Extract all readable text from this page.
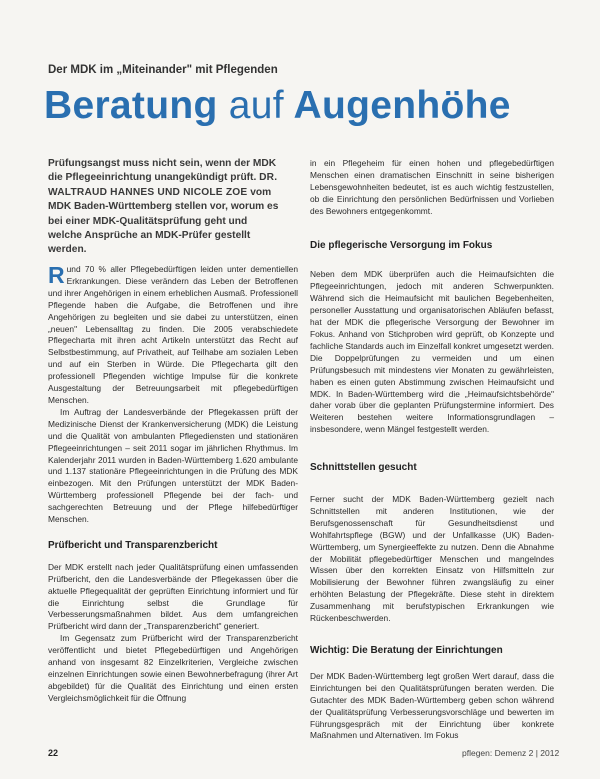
Der MDK im „Miteinander" mit Pflegenden
Beratung auf Augenhöhe
Prüfungsangst muss nicht sein, wenn der MDK die Pflegeeinrichtung unangekündigt prüft. DR. WALTRAUD HANNES UND NICOLE ZOE vom MDK Baden-Württemberg stellen vor, worum es bei einer MDK-Qualitätsprüfung geht und welche Ansprüche an MDK-Prüfer gestellt werden.

Rund 70 % aller Pflegebedürftigen leiden unter dementiellen Erkrankungen. Diese verändern das Leben der Betroffenen und ihrer Angehörigen in einem erheblichen Ausmaß. Professionell Pflegende haben die Aufgabe, die Betroffenen und ihre Angehörigen zu begleiten und sie dabei zu unterstützen, einen „neuen" Lebensalltag zu finden. Die 2005 verabschiedete Pflegecharta mit ihren acht Artikeln unterstützt das Recht auf Selbstbestimmung, auf Privatheit, auf Teilhabe am sozialen Leben und auf ein Sterben in Würde. Die Pflegecharta gilt den professionell Pflegenden wichtige Impulse für die konkrete Ausgestaltung der Betreuungsarbeit mit pflegebedürftigen Menschen.

Im Auftrag der Landesverbände der Pflegekassen prüft der Medizinische Dienst der Krankenversicherung (MDK) die Leistung und die Qualität von ambulanten Pflegediensten und stationären Pflegeeinrichtungen – seit 2011 sogar im jährlichen Rhythmus. Im Kalenderjahr 2011 wurden in Baden-Württemberg 1.620 ambulante und 1.137 stationäre Pflegeeinrichtungen in die Prüfung des MDK einbezogen. Mit den Prüfungen unterstützt der MDK Baden-Württemberg professionell Pflegende bei der fach- und sachgerechten Betreuung und der Pflege hilfebedürftiger Menschen.

Prüfbericht und Transparenzbericht

Der MDK erstellt nach jeder Qualitätsprüfung einen umfassenden Prüfbericht, den die Landesverbände der Pflegekassen über die aktuelle Pflegequalität der geprüften Einrichtung informiert und für die Einrichtung selbst die Grundlage für Verbesserungsmaßnahmen bildet. Aus dem umfangreichen Prüfbericht wird dann der „Transparenzbericht" generiert.

Im Gegensatz zum Prüfbericht wird der Transparenzbericht veröffentlicht und bietet Pflegebedürftigen und Angehörigen anhand von insgesamt 82 Einzelkriterien, Vergleiche zwischen einzelnen Einrichtungen sowie einen Bewohnerbefragung (ihrer Art abgebildet) für die Qualität des Einrichtung und einen ersten Vergleichsmöglichkeit für die Öffnung

in ein Pflegeheim für einen hohen und pflegebedürftigen Menschen einen dramatischen Einschnitt in seine bisherigen Lebensgewohnheiten bedeutet, ist es auch wichtig festzustellen, ob die Einrichtung den persönlichen Bedürfnissen und Vorlieben des Bewohners entgegenkommt.

Die pflegerische Versorgung im Fokus

Neben dem MDK überprüfen auch die Heimaufsichten die Pflegeeinrichtungen, jedoch mit anderen Schwerpunkten. Während sich die Heimaufsicht mit baulichen Begebenheiten, personeller Ausstattung und organisatorischen Abläufen befasst, hat der MDK die pflegerische Versorgung der Bewohner im Fokus. Anhand von Stichproben wird geprüft, ob Konzepte und fachliche Standards auch im Einzelfall konkret umgesetzt werden. Die Doppelprüfungen zu vermeiden und um einen Prüfungsbesuch mit mindestens vier Monaten zu gewährleisten, haben es einen guten Abstimmung zwischen Heimaufsicht und MDK. In Baden-Württemberg wird die „Heimaufsichtsbehörde" daher vorab über die geplanten Prüfungstermine informiert. Des Weiteren bestehen weitere Informationsgrundlagen – insbesondere, wenn Mängel festgestellt werden.

Schnittstellen gesucht

Ferner sucht der MDK Baden-Württemberg gezielt nach Schnittstellen mit anderen Institutionen, wie der Berufsgenossenschaft für Gesundheitsdienst und Wohlfahrtspflege (BGW) und der Unfallkasse (UK) Baden-Württemberg, um Synergieeffekte zu nutzen. Denn die Abnahme der Mobilität pflegebedürftiger Menschen und mangelndes Wissen über den korrekten Einsatz von Hilfsmitteln zur Mobilisierung der Bewohner führen zwangsläufig zu einer erhöhten Belastung der Pflegekräfte. Diese steht in direktem Zusammenhang mit berufstypischen Erkrankungen wie Rückenbeschwerden.

Wichtig: Die Beratung der Einrichtungen

Der MDK Baden-Württemberg legt großen Wert darauf, dass die Einrichtungen bei den Qualitätsprüfungen beraten werden. Die Gutachter des MDK Baden-Württemberg geben schon während der Qualitätsprüfung Verbesserungsvorschläge und bewerten im Führungsgespräch mit der Einrichtung über konkrete Maßnahmen und Alternativen. Im Fokus

22	pflegen: Demenz 2 | 2012
